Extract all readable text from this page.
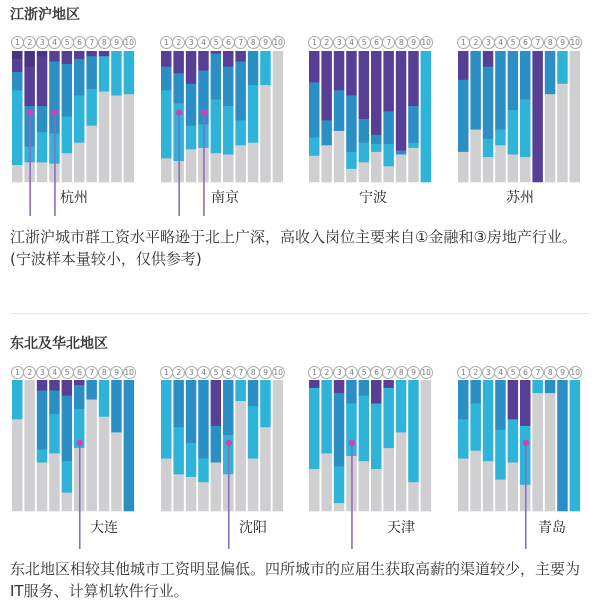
江浙沪地区
东北及华北地区
江浙沪城市群工资水平略逊于北上广深，高收入岗位主要来自①金融和③房地产行业。(宁波样本量较小，仅供参考)
东北地区相较其他城市工资明显偏低。四所城市的应届生获取高薪的渠道较少，主要为IT服务、计算机软件行业。
1	2	3	4	5	6	7	8	9 10
杭州
1	2	3	4	5	6	7	8	9 10
南京
1	2	3	4	5	6	7	8	9 10
宁波
1	2	3	4	5	6	7	8	9 10
苏州
1	2	3	4	5	6	7	8	9 10
大连
1	2	3	4	5	6	7	8	9 10
沈阳
1	2	3	4	5	6	7	8	9 10
天津
1	2	3	4	5	6	7	8	9 10
青岛
